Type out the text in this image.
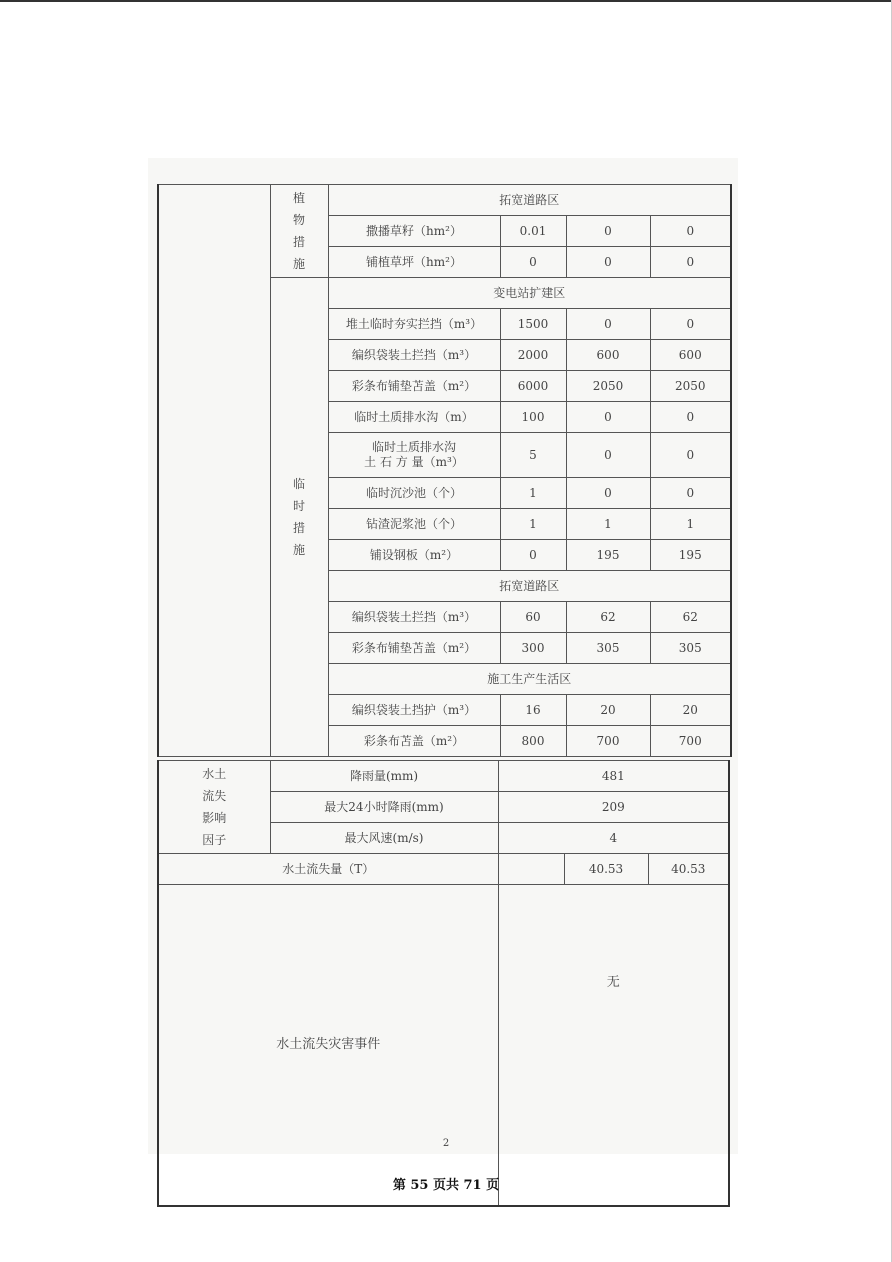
	植物措施	拓宽道路区			
		撒播草籽（hm²）	0.01	0	0
		铺植草坪（hm²）	0	0	0
	临时措施	变电站扩建区			
		堆土临时夯实拦挡（m³）	1500	0	0
		编织袋装土拦挡（m³）	2000	600	600
		彩条布铺垫苫盖（m²）	6000	2050	2050
		临时土质排水沟（m）	100	0	0

		临时土质排水沟
土 石 方 量（m³）	5	0	0
		临时沉沙池（个）	1	0	0
		钻渣泥浆池（个）	1	1	1
		铺设钢板（m²）	0	195	195
		拓宽道路区			
		编织袋装土拦挡（m³）	60	62	62
		彩条布铺垫苫盖（m²）	300	305	305
		施工生产生活区			
		编织袋装土挡护（m³）	16	20	20
		彩条布苫盖（m²）	800	700	700
水土流失影响因子	降雨量(mm)	481		
	最大24小时降雨(mm)	209		
	最大风速(m/s)	4		
水土流失量（T）			40.53	40.53
水土流失灾害事件		无		
2
第 55 页共 71 页
